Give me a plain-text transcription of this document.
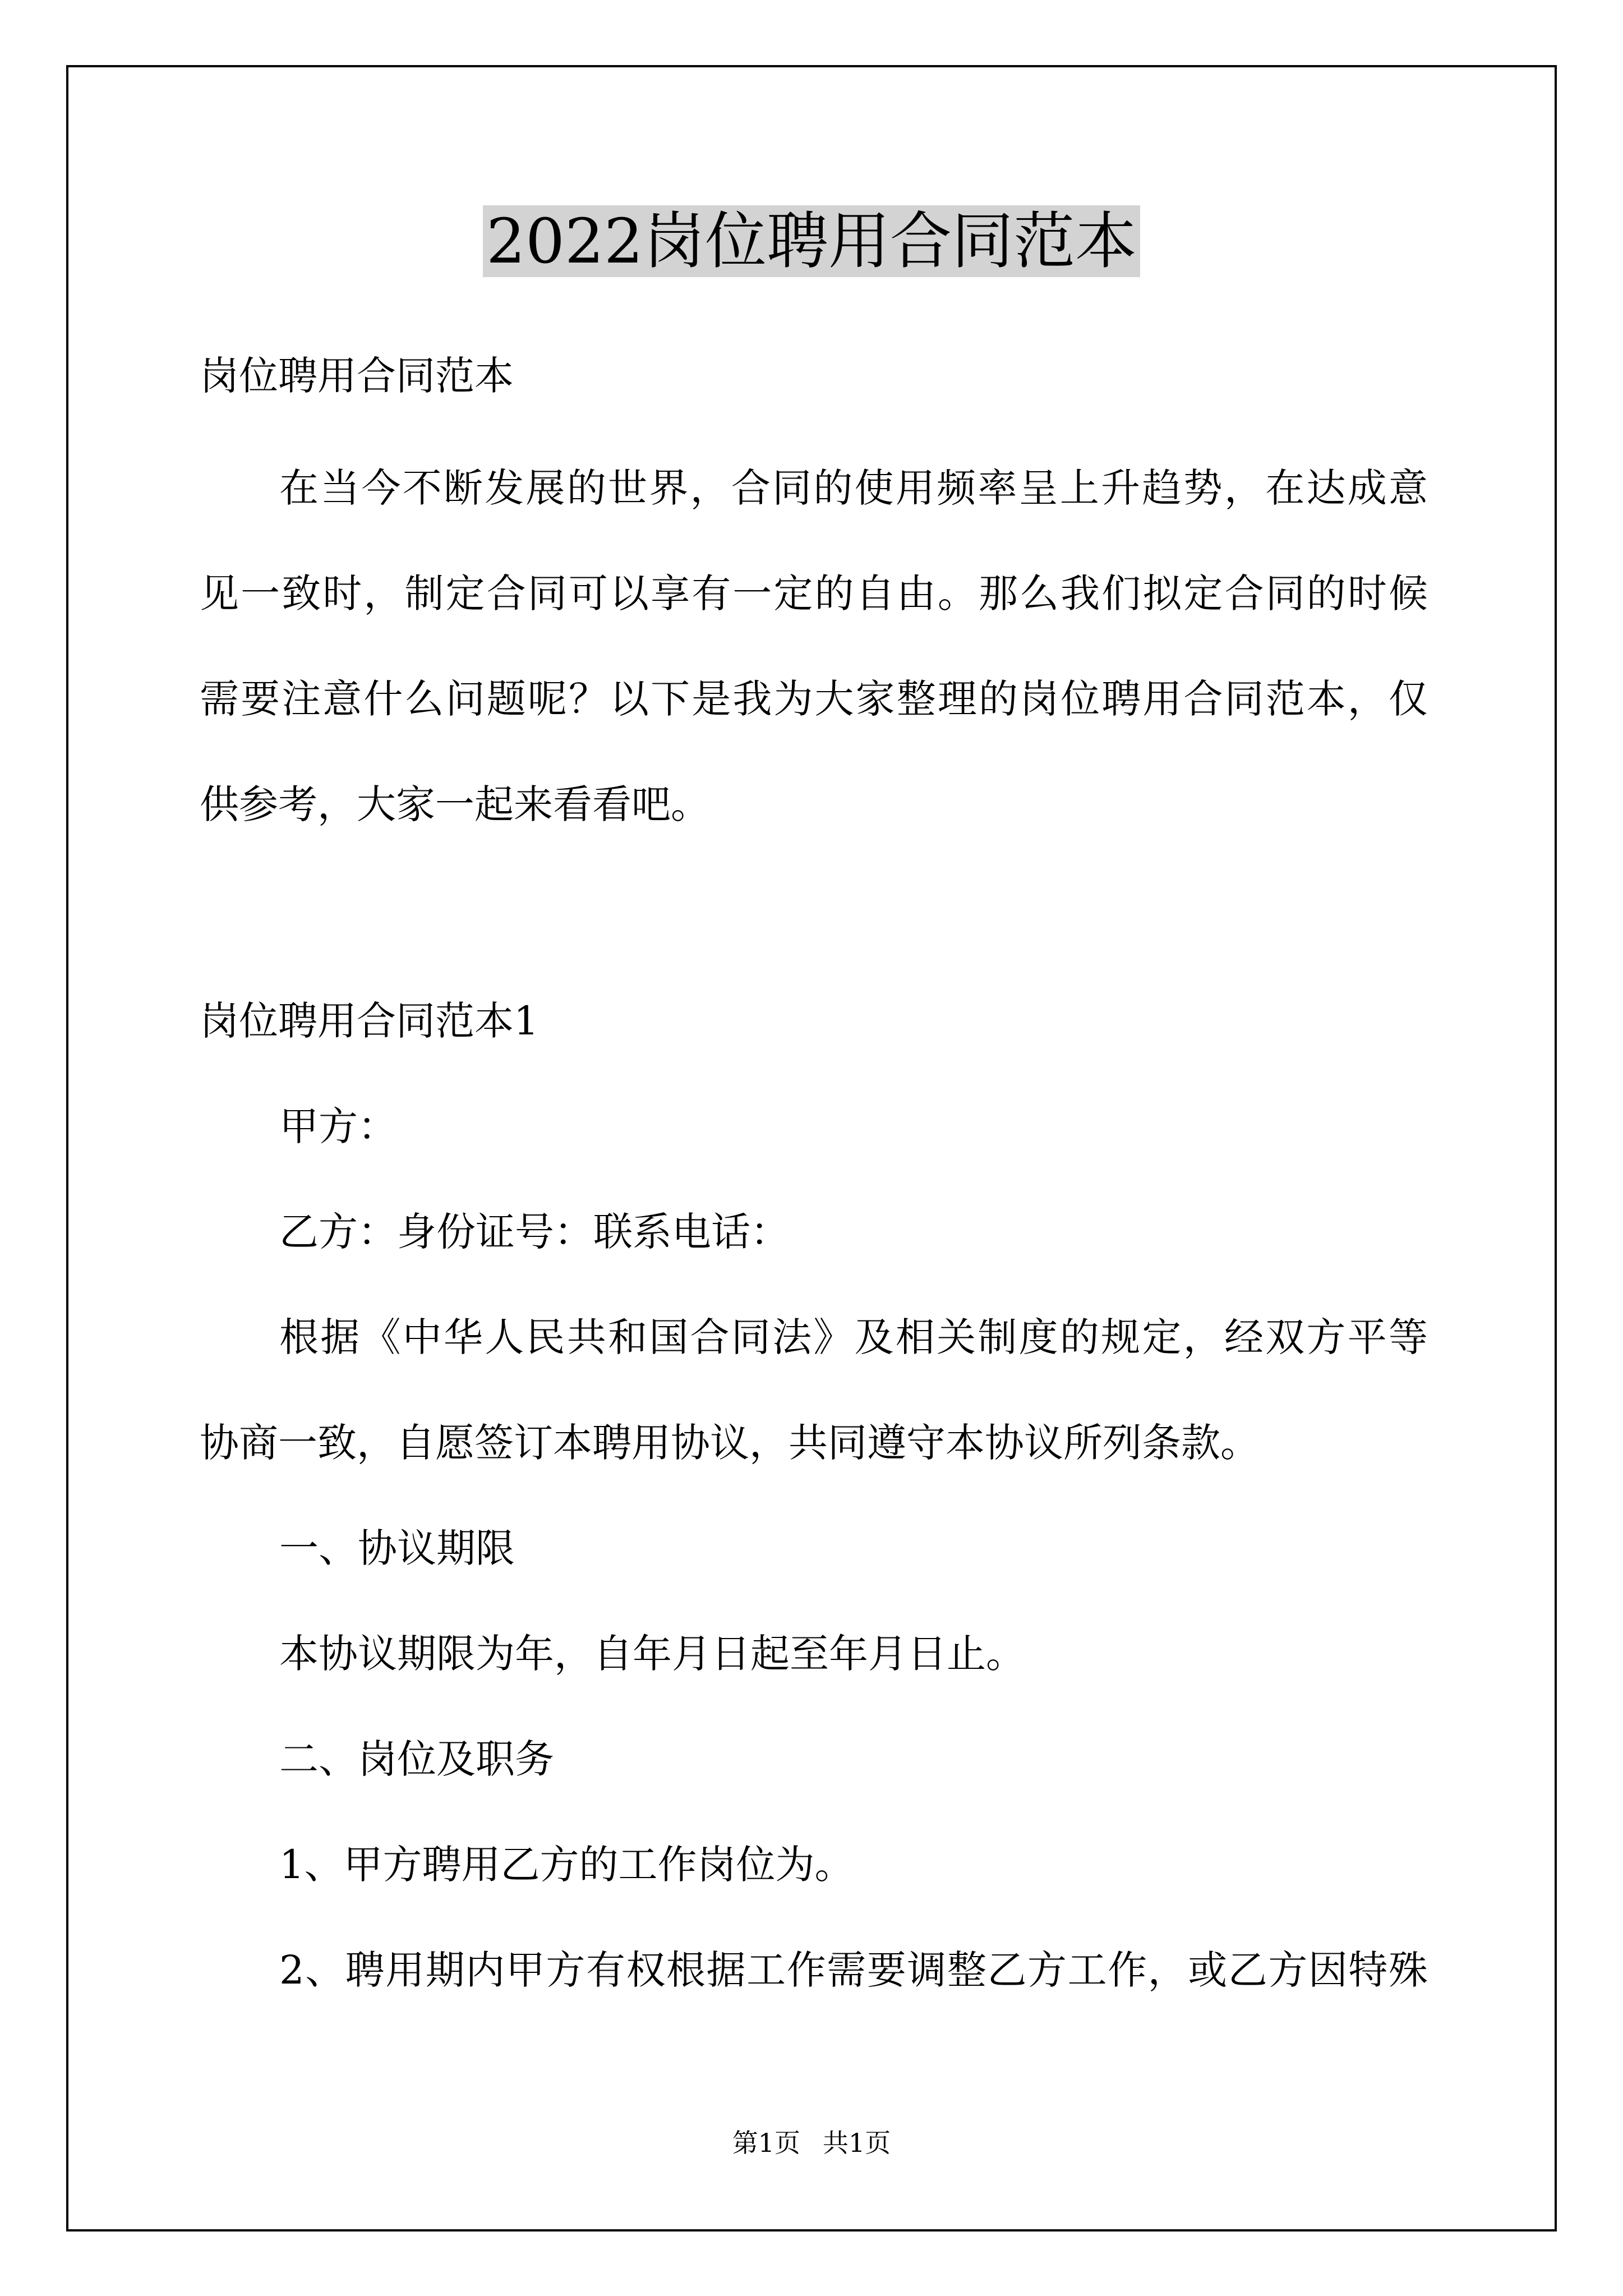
2022岗位聘用合同范本
岗位聘用合同范本
在当今不断发展的世界，合同的使用频率呈上升趋势，在达成意
见一致时，制定合同可以享有一定的自由。那么我们拟定合同的时候
需要注意什么问题呢？以下是我为大家整理的岗位聘用合同范本，仅
供参考，大家一起来看看吧。
岗位聘用合同范本1
甲方：
乙方：身份证号：联系电话：
根据《中华人民共和国合同法》及相关制度的规定，经双方平等
协商一致，自愿签订本聘用协议，共同遵守本协议所列条款。
一、协议期限
本协议期限为年，自年月日起至年月日止。
二、岗位及职务
1、甲方聘用乙方的工作岗位为。
2、聘用期内甲方有权根据工作需要调整乙方工作，或乙方因特殊
第1页 共1页
